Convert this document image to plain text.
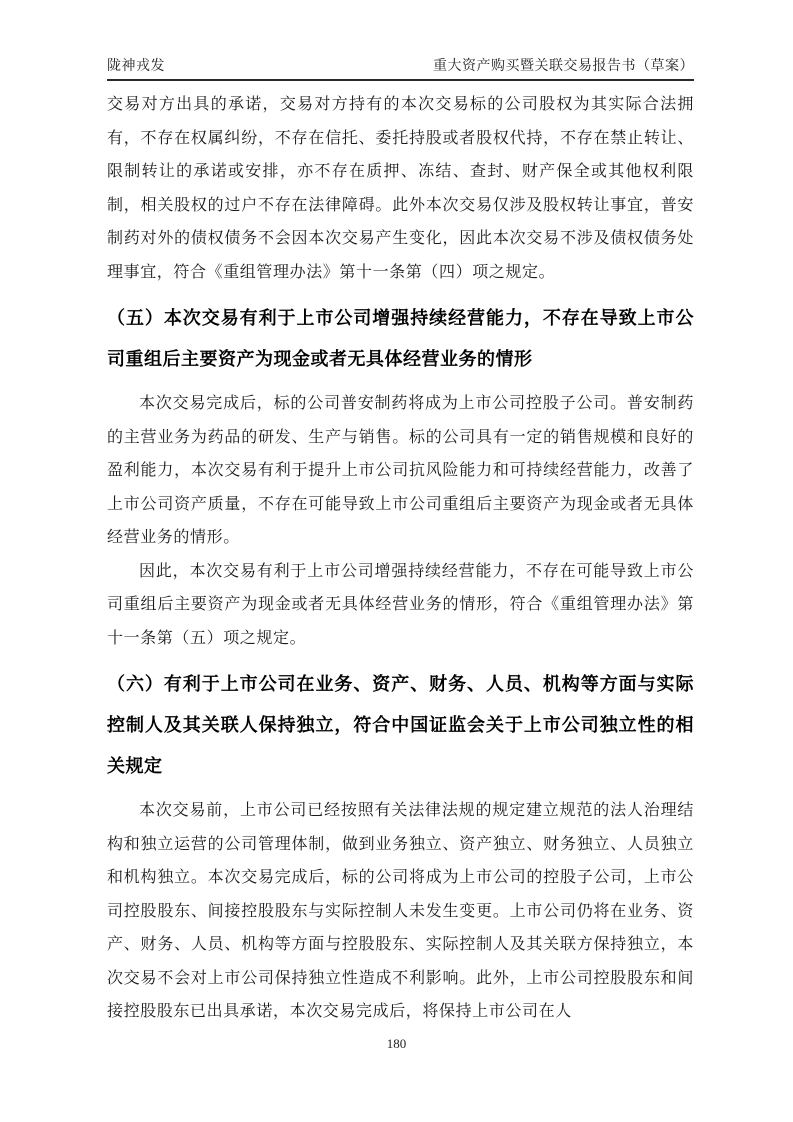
陇神戎发	重大资产购买暨关联交易报告书（草案）

交易对方出具的承诺，交易对方持有的本次交易标的公司股权为其实际合法拥有，不存在权属纠纷，不存在信托、委托持股或者股权代持，不存在禁止转让、限制转让的承诺或安排，亦不存在质押、冻结、查封、财产保全或其他权利限制，相关股权的过户不存在法律障碍。此外本次交易仅涉及股权转让事宜，普安制药对外的债权债务不会因本次交易产生变化，因此本次交易不涉及债权债务处理事宜，符合《重组管理办法》第十一条第（四）项之规定。

（五）本次交易有利于上市公司增强持续经营能力，不存在导致上市公司重组后主要资产为现金或者无具体经营业务的情形

本次交易完成后，标的公司普安制药将成为上市公司控股子公司。普安制药的主营业务为药品的研发、生产与销售。标的公司具有一定的销售规模和良好的盈利能力，本次交易有利于提升上市公司抗风险能力和可持续经营能力，改善了上市公司资产质量，不存在可能导致上市公司重组后主要资产为现金或者无具体经营业务的情形。

因此，本次交易有利于上市公司增强持续经营能力，不存在可能导致上市公司重组后主要资产为现金或者无具体经营业务的情形，符合《重组管理办法》第十一条第（五）项之规定。

（六）有利于上市公司在业务、资产、财务、人员、机构等方面与实际控制人及其关联人保持独立，符合中国证监会关于上市公司独立性的相关规定

本次交易前，上市公司已经按照有关法律法规的规定建立规范的法人治理结构和独立运营的公司管理体制，做到业务独立、资产独立、财务独立、人员独立和机构独立。本次交易完成后，标的公司将成为上市公司的控股子公司，上市公司控股股东、间接控股股东与实际控制人未发生变更。上市公司仍将在业务、资产、财务、人员、机构等方面与控股股东、实际控制人及其关联方保持独立，本次交易不会对上市公司保持独立性造成不利影响。此外，上市公司控股股东和间接控股股东已出具承诺，本次交易完成后，将保持上市公司在人

180
